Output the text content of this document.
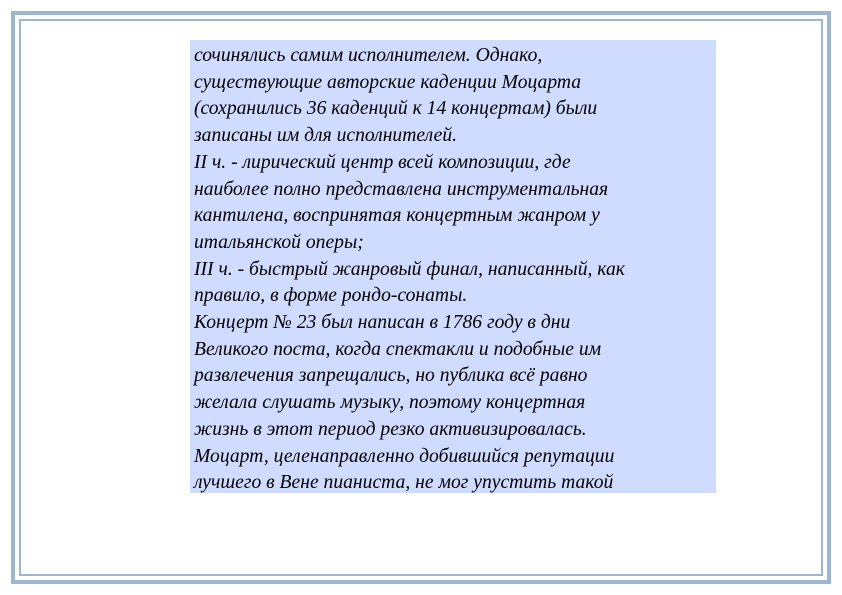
сочинялись самим исполнителем. Однако,

существующие авторские каденции Моцарта

(сохранились 36 каденций к 14 концертам) были

записаны им для исполнителей.

II ч. - лирический центр всей композиции, где

наиболее полно представлена инструментальная

кантилена, воспринятая концертным жанром у

итальянской оперы;

III ч. - быстрый жанровый финал, написанный, как

правило, в форме рондо-сонаты.

Концерт № 23 был написан в 1786 году в дни

Великого поста, когда спектакли и подобные им

развлечения запрещались, но публика всё равно

желала слушать музыку, поэтому концертная

жизнь в этот период резко активизировалась.

Моцарт, целенаправленно добившийся репутации

лучшего в Вене пианиста, не мог упустить такой
